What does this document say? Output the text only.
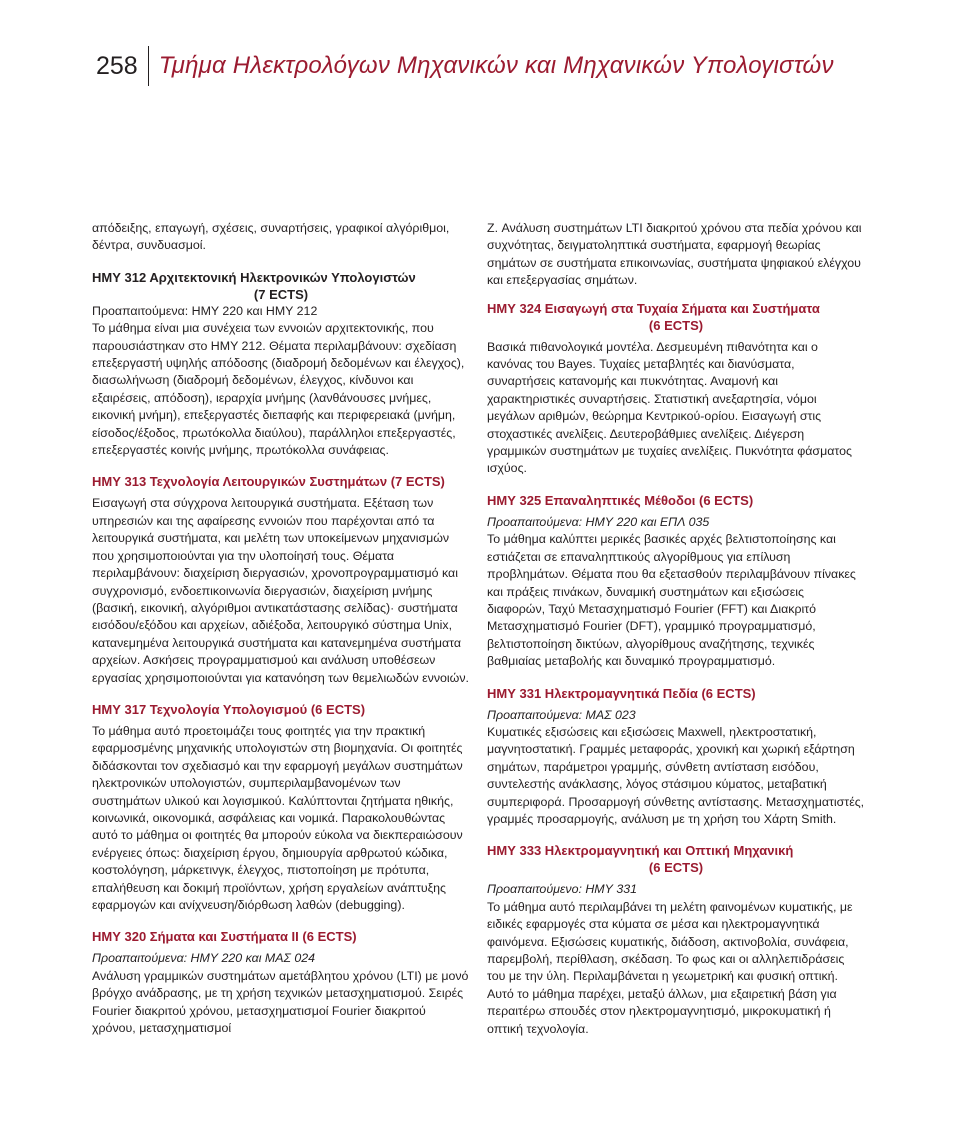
258 Τμήμα Ηλεκτρολόγων Μηχανικών και Μηχανικών Υπολογιστών

απόδειξης, επαγωγή, σχέσεις, συναρτήσεις, γραφικοί αλγόριθμοι, δέντρα, συνδυασμοί.

ΗΜΥ 312 Αρχιτεκτονική Ηλεκτρονικών Υπολογιστών
(7 ECTS)

Προαπαιτούμενα: ΗΜΥ 220 και ΗΜΥ 212

Το μάθημα είναι μια συνέχεια των εννοιών αρχιτεκτονικής, που παρουσιάστηκαν στο ΗΜΥ 212. Θέματα περιλαμβάνουν: σχεδίαση επεξεργαστή υψηλής απόδοσης (διαδρομή δεδομένων και έλεγχος), διασωλήνωση (διαδρομή δεδομένων, έλεγχος, κίνδυνοι και εξαιρέσεις, απόδοση), ιεραρχία μνήμης (λανθάνουσες μνήμες, εικονική μνήμη), επεξεργαστές διεπαφής και περιφερειακά (μνήμη, είσοδος/έξοδος, πρωτόκολλα διαύλου), παράλληλοι επεξεργαστές, επεξεργαστές κοινής μνήμης, πρωτόκολλα συνάφειας.

ΗΜΥ 313 Τεχνολογία Λειτουργικών Συστημάτων (7 ECTS)

Εισαγωγή στα σύγχρονα λειτουργικά συστήματα. Εξέταση των υπηρεσιών και της αφαίρεσης εννοιών που παρέχονται από τα λειτουργικά συστήματα, και μελέτη των υποκείμενων μηχανισμών που χρησιμοποιούνται για την υλοποίησή τους. Θέματα περιλαμβάνουν: διαχείριση διεργασιών, χρονοπρογραμματισμό και συγχρονισμό, ενδοεπικοινωνία διεργασιών, διαχείριση μνήμης (βασική, εικονική, αλγόριθμοι αντικατάστασης σελίδας)· συστήματα εισόδου/εξόδου και αρχείων, αδιέξοδα, λειτουργικό σύστημα Unix, κατανεμημένα λειτουργικά συστήματα και κατανεμημένα συστήματα αρχείων. Ασκήσεις προγραμματισμού και ανάλυση υποθέσεων εργασίας χρησιμοποιούνται για κατανόηση των θεμελιωδών εννοιών.

ΗΜΥ 317 Τεχνολογία Υπολογισμού (6 ECTS)

Το μάθημα αυτό προετοιμάζει τους φοιτητές για την πρακτική εφαρμοσμένης μηχανικής υπολογιστών στη βιομηχανία. Οι φοιτητές διδάσκονται τον σχεδιασμό και την εφαρμογή μεγάλων συστημάτων ηλεκτρονικών υπολογιστών, συμπεριλαμβανομένων των συστημάτων υλικού και λογισμικού. Καλύπτονται ζητήματα ηθικής, κοινωνικά, οικονομικά, ασφάλειας και νομικά. Παρακολουθώντας αυτό το μάθημα οι φοιτητές θα μπορούν εύκολα να διεκπεραιώσουν ενέργειες όπως: διαχείριση έργου, δημιουργία αρθρωτού κώδικα, κοστολόγηση, μάρκετινγκ, έλεγχος, πιστοποίηση με πρότυπα, επαλήθευση και δοκιμή προϊόντων, χρήση εργαλείων ανάπτυξης εφαρμογών και ανίχνευση/διόρθωση λαθών (debugging).

ΗΜΥ 320 Σήματα και Συστήματα ΙΙ (6 ECTS)

Προαπαιτούμενα: ΗΜΥ 220 και ΜΑΣ 024

Ανάλυση γραμμικών συστημάτων αμετάβλητου χρόνου (LTI) με μονό βρόγχο ανάδρασης, με τη χρήση τεχνικών μετασχηματισμού. Σειρές Fourier διακριτού χρόνου, μετασχηματισμοί Fourier διακριτού χρόνου, μετασχηματισμοί

Z. Ανάλυση συστημάτων LTI διακριτού χρόνου στα πεδία χρόνου και συχνότητας, δειγματοληπτικά συστήματα, εφαρμογή θεωρίας σημάτων σε συστήματα επικοινωνίας, συστήματα ψηφιακού ελέγχου και επεξεργασίας σημάτων.

ΗΜΥ 324 Εισαγωγή στα Τυχαία Σήματα και Συστήματα
(6 ECTS)

Βασικά πιθανολογικά μοντέλα. Δεσμευμένη πιθανότητα και ο κανόνας του Bayes. Τυχαίες μεταβλητές και διανύσματα, συναρτήσεις κατανομής και πυκνότητας. Αναμονή και χαρακτηριστικές συναρτήσεις. Στατιστική ανεξαρτησία, νόμοι μεγάλων αριθμών, θεώρημα Κεντρικού-ορίου. Εισαγωγή στις στοχαστικές ανελίξεις. Δευτεροβάθμιες ανελίξεις. Διέγερση γραμμικών συστημάτων με τυχαίες ανελίξεις. Πυκνότητα φάσματος ισχύος.

ΗΜΥ 325 Επαναληπτικές Μέθοδοι (6 ECTS)

Προαπαιτούμενα: ΗΜΥ 220 και ΕΠΛ 035

Το μάθημα καλύπτει μερικές βασικές αρχές βελτιστοποίησης και εστιάζεται σε επαναληπτικούς αλγορίθμους για επίλυση προβλημάτων. Θέματα που θα εξετασθούν περιλαμβάνουν πίνακες και πράξεις πινάκων, δυναμική συστημάτων και εξισώσεις διαφορών, Ταχύ Μετασχηματισμό Fourier (FFT) και Διακριτό Μετασχηματισμό Fourier (DFT), γραμμικό προγραμματισμό, βελτιστοποίηση δικτύων, αλγορίθμους αναζήτησης, τεχνικές βαθμιαίας μεταβολής και δυναμικό προγραμματισμό.

ΗΜΥ 331 Ηλεκτρομαγνητικά Πεδία (6 ECTS)

Προαπαιτούμενα: ΜΑΣ 023

Κυματικές εξισώσεις και εξισώσεις Maxwell, ηλεκτροστατική, μαγνητοστατική. Γραμμές μεταφοράς, χρονική και χωρική εξάρτηση σημάτων, παράμετροι γραμμής, σύνθετη αντίσταση εισόδου, συντελεστής ανάκλασης, λόγος στάσιμου κύματος, μεταβατική συμπεριφορά. Προσαρμογή σύνθετης αντίστασης. Μετασχηματιστές, γραμμές προσαρμογής, ανάλυση με τη χρήση του Χάρτη Smith.

ΗΜΥ 333 Ηλεκτρομαγνητική και Οπτική Μηχανική
(6 ECTS)

Προαπαιτούμενο: ΗΜΥ 331

Το μάθημα αυτό περιλαμβάνει τη μελέτη φαινομένων κυματικής, με ειδικές εφαρμογές στα κύματα σε μέσα και ηλεκτρομαγνητικά φαινόμενα. Εξισώσεις κυματικής, διάδοση, ακτινοβολία, συνάφεια, παρεμβολή, περίθλαση, σκέδαση. Το φως και οι αλληλεπιδράσεις του με την ύλη. Περιλαμβάνεται η γεωμετρική και φυσική οπτική. Αυτό το μάθημα παρέχει, μεταξύ άλλων, μια εξαιρετική βάση για περαιτέρω σπουδές στον ηλεκτρομαγνητισμό, μικροκυματική ή οπτική τεχνολογία.
